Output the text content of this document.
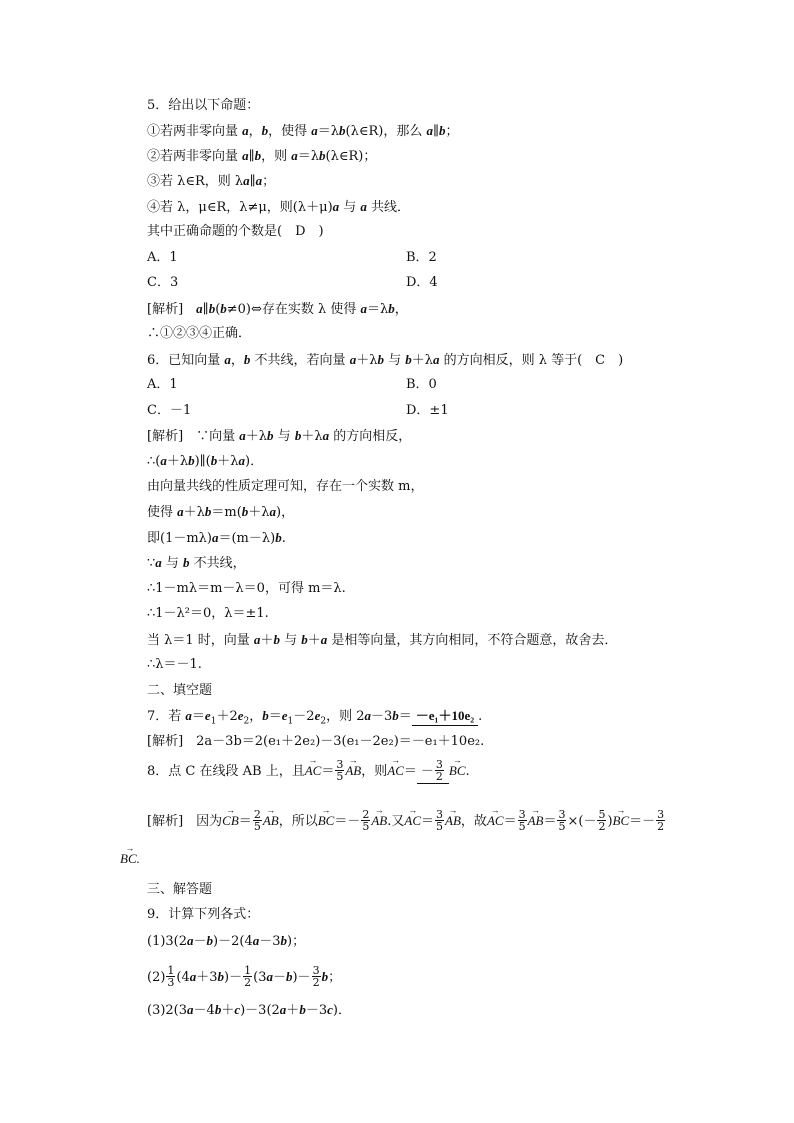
5．给出以下命题：
①若两非零向量 a，b，使得 a＝λb(λ∈R)，那么 a∥b；
②若两非零向量 a∥b，则 a＝λb(λ∈R)；
③若 λ∈R，则 λa∥a；
④若 λ，μ∈R，λ≠μ，则(λ＋μ)a 与 a 共线．
其中正确命题的个数是(　D　)
A．1	B．2
C．3	D．4
[解析]　 a∥b(b≠0)⇔存在实数 λ 使得 a＝λb，
∴①②③④正确．
6．已知向量 a，b 不共线，若向量 a＋λb 与 b＋λa 的方向相反，则 λ 等于(　C　)
A．1	B．0
C．－1	D．±1
[解析]　∵向量 a＋λb 与 b＋λa 的方向相反，
∴(a＋λb)∥(b＋λa)．
由向量共线的性质定理可知，存在一个实数 m，
使得 a＋λb＝m(b＋λa)，
即(1－mλ)a＝(m－λ)b.
∵a 与 b 不共线，
∴1－mλ＝m－λ＝0，可得 m＝λ.
∴1－λ²＝0，λ＝±1.
当 λ＝1 时，向量 a＋b 与 b＋a 是相等向量，其方向相同，不符合题意，故舍去．
∴λ＝－1.
二、填空题
7．若 $a=e_1+2e_2$，$b=e_1-2e_2$，则 2a－3b＝ －e₁＋10e₂ .
[解析]　2a－3b＝2(e₁＋2e₂)－3(e₁－2e₂)＝－e₁＋10e₂.
8．点 C 在线段 AB 上，且→ $AC= \frac{3}{5}$
→ AB，则→ $AC= - \frac{3}{2}$
→ BC.
[解析]　因为→ $CB= \frac{2}{5}$
→ AB，所以→ $BC=- \frac{2}{5}$
→ AB.又→ $AC= \frac{3}{5}$
→ AB，故→ $AC= \frac{3}{5}$
→ $AB= \frac{3}{5}$ ×(－ $\frac{5}{2}$ )→ $BC=- \frac{3}{2}$
→ BC.
三、解答题
9．计算下列各式：
(1)3(2a－b)－2(4a－3b)；
$(2) \frac{1}{3} (4a+3b)- \frac{1}{2} (3a-b)- \frac{3}{2}$ b；
(3)2(3a－4b＋c)－3(2a＋b－3c)．
